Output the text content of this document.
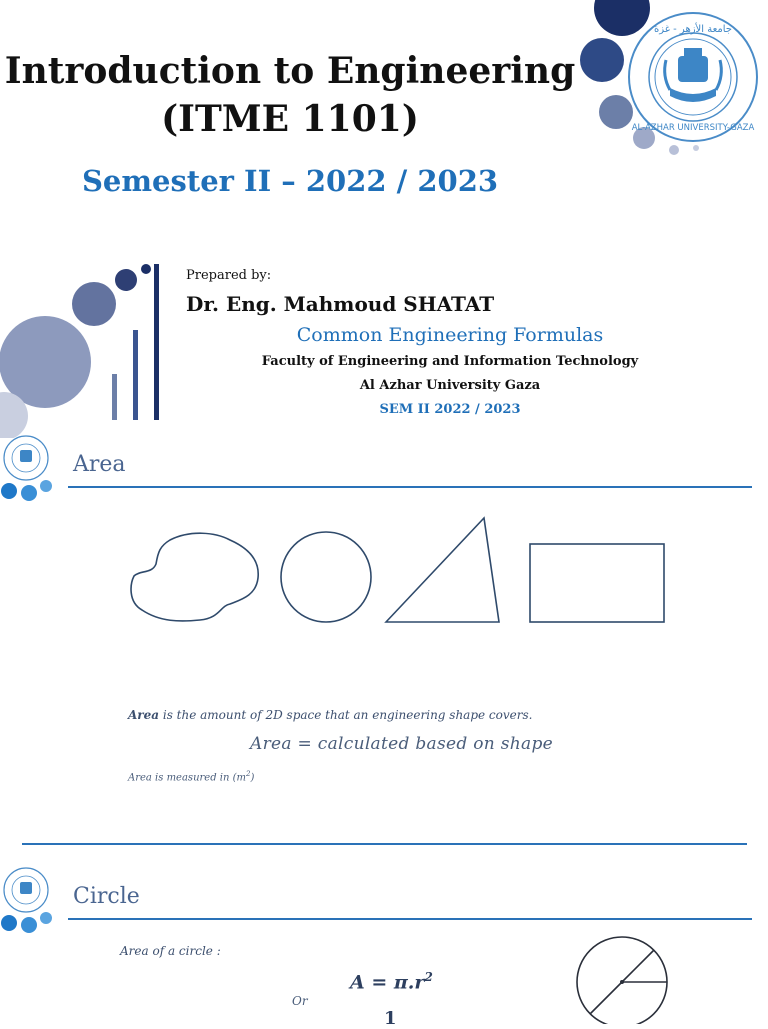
جامعة الأزهر - غزة
AL-AZHAR UNIVERSITY-GAZA
Introduction to Engineering
(ITME 1101)
Semester II – 2022 / 2023
Prepared by:
Dr. Eng. Mahmoud SHATAT
Common Engineering Formulas
Faculty of Engineering and Information Technology
Al Azhar University Gaza
SEM II 2022 / 2023
Area
Area is the amount of 2D space that an engineering shape covers.
Area = calculated based on shape
Area is measured in $(m^2)$
Circle
Area of a circle :
$A = \pi.r^2$
Or
1
